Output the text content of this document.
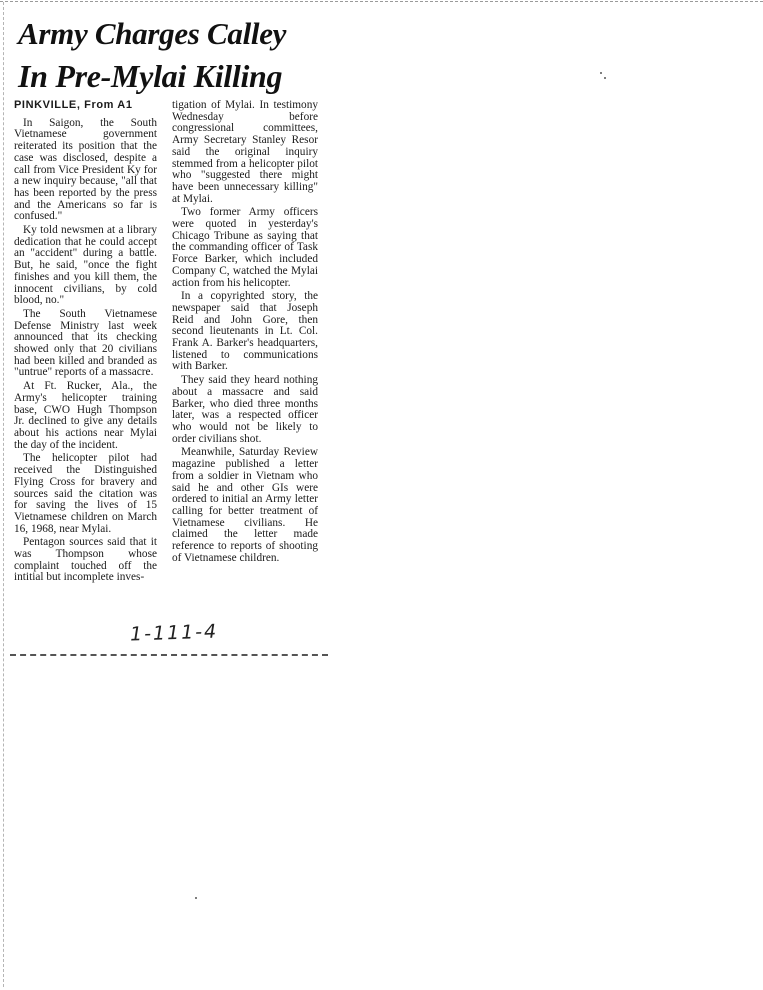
Army Charges Calley
In Pre-Mylai Killing
PINKVILLE, From A1

In Saigon, the South Vietnamese government reiterated its position that the case was disclosed, despite a call from Vice President Ky for a new inquiry because, "all that has been reported by the press and the Americans so far is confused."

Ky told newsmen at a library dedication that he could accept an "accident" during a battle. But, he said, "once the fight finishes and you kill them, the innocent civilians, by cold blood, no."

The South Vietnamese Defense Ministry last week announced that its checking showed only that 20 civilians had been killed and branded as "untrue" reports of a massacre.

At Ft. Rucker, Ala., the Army's helicopter training base, CWO Hugh Thompson Jr. declined to give any details about his actions near Mylai the day of the incident.

The helicopter pilot had received the Distinguished Flying Cross for bravery and sources said the citation was for saving the lives of 15 Vietnamese children on March 16, 1968, near Mylai.

Pentagon sources said that it was Thompson whose complaint touched off the intitial but incomplete inves-

tigation of Mylai. In testimony Wednesday before congressional committees, Army Secretary Stanley Resor said the original inquiry stemmed from a helicopter pilot who "suggested there might have been unnecessary killing" at Mylai.

Two former Army officers were quoted in yesterday's Chicago Tribune as saying that the commanding officer of Task Force Barker, which included Company C, watched the Mylai action from his helicopter.

In a copyrighted story, the newspaper said that Joseph Reid and John Gore, then second lieutenants in Lt. Col. Frank A. Barker's headquarters, listened to communications with Barker.

They said they heard nothing about a massacre and said Barker, who died three months later, was a respected officer who would not be likely to order civilians shot.

Meanwhile, Saturday Review magazine published a letter from a soldier in Vietnam who said he and other GIs were ordered to initial an Army letter calling for better treatment of Vietnamese civilians. He claimed the letter made reference to reports of shooting of Vietnamese children.

1-111-4
